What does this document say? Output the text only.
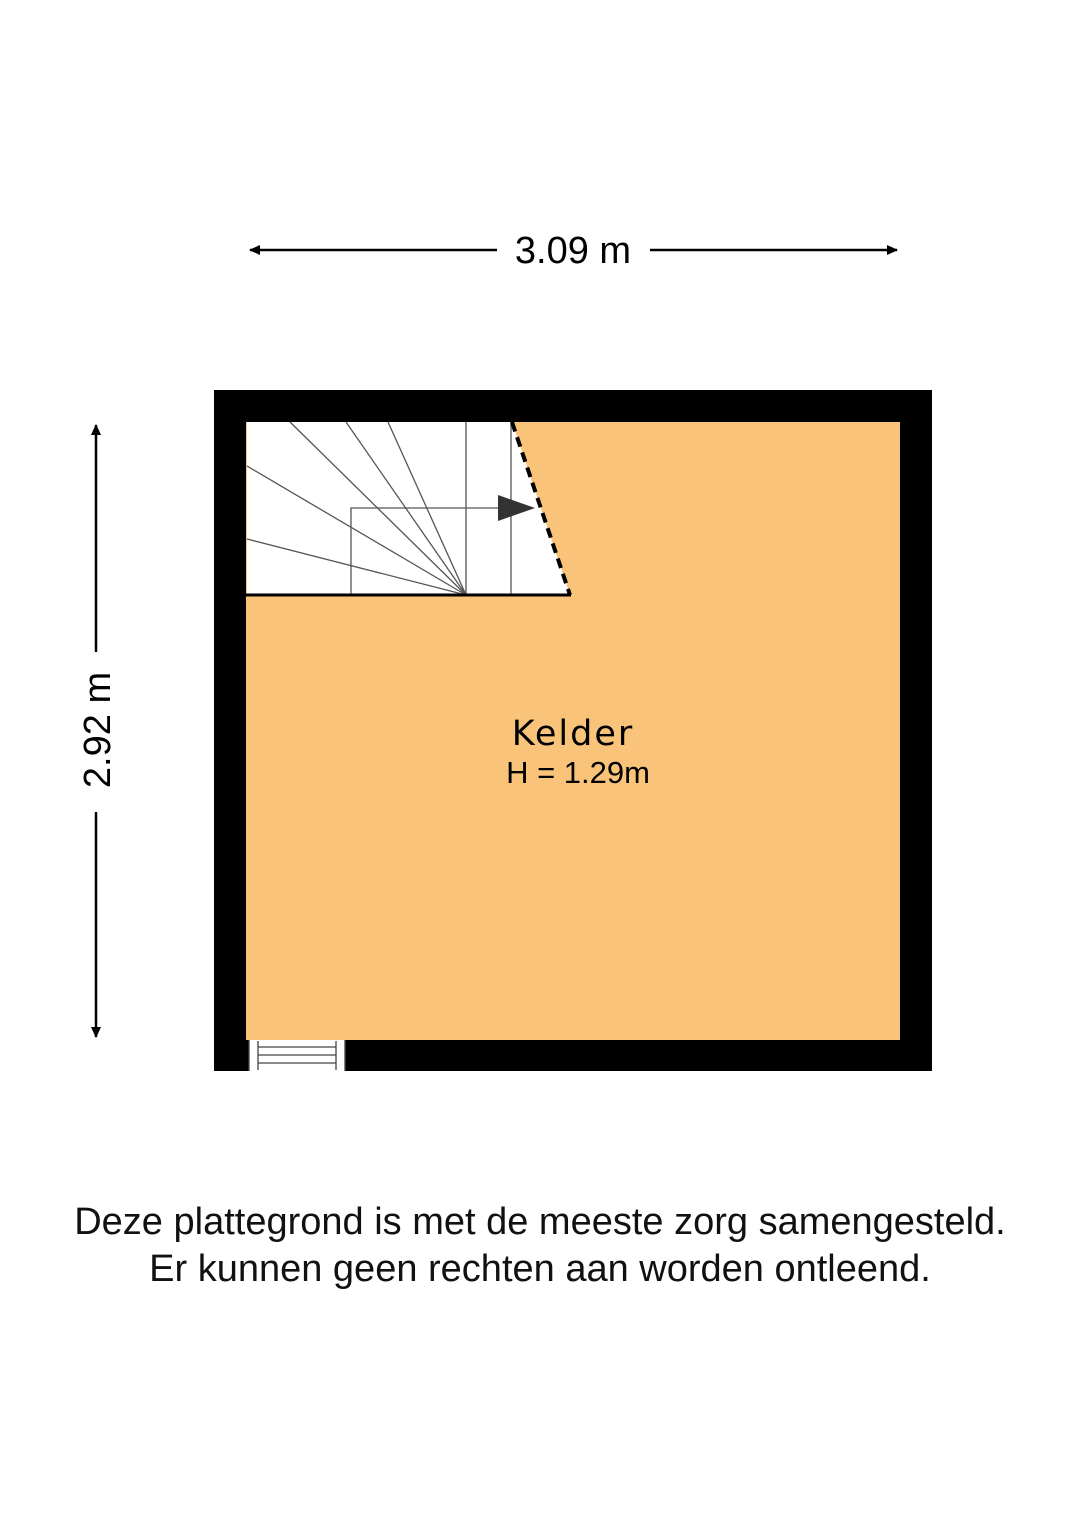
3.09 m
2.92 m	Kelder
H = 1.29m

Deze plattegrond is met de meeste zorg samengesteld.

Er kunnen geen rechten aan worden ontleend.
